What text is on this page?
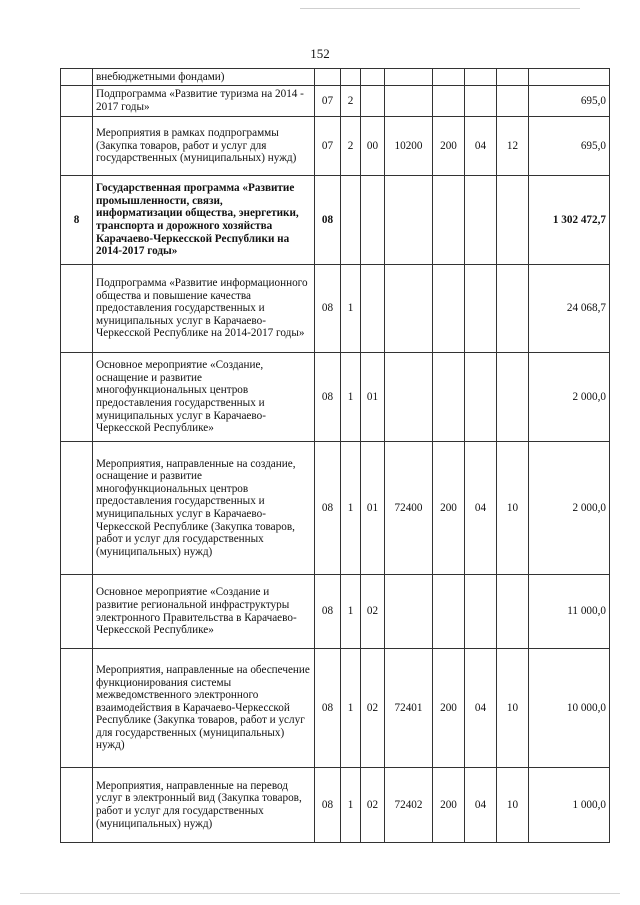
152
	внебюджетными фондами)								
	Подпрограмма «Развитие туризма на 2014 - 2017 годы»	07	2						695,0
	Мероприятия в рамках подпрограммы (Закупка товаров, работ и услуг для государственных (муниципальных) нужд)	07	2	00	10200	200	04	12	695,0
8	Государственная программа «Развитие промышленности, связи, информатизации общества, энергетики, транспорта и дорожного хозяйства Карачаево-Черкесской Республики на 2014-2017 годы»	08							1 302 472,7
	Подпрограмма «Развитие информационного общества и повышение качества предоставления государственных и муниципальных услуг в Карачаево-Черкесской Республике на 2014-2017 годы»	08	1						24 068,7
	Основное мероприятие «Создание, оснащение и развитие многофункциональных центров предоставления государственных и муниципальных услуг в Карачаево-Черкесской Республике»	08	1	01					2 000,0
	Мероприятия, направленные на создание, оснащение и развитие многофункциональных центров предоставления государственных и муниципальных услуг в Карачаево-Черкесской Республике (Закупка товаров, работ и услуг для государственных (муниципальных) нужд)	08	1	01	72400	200	04	10	2 000,0
	Основное мероприятие «Создание и развитие региональной инфраструктуры электронного Правительства в Карачаево-Черкесской Республике»	08	1	02					11 000,0
	Мероприятия, направленные на обеспечение функционирования системы межведомственного электронного взаимодействия в Карачаево-Черкесской Республике (Закупка товаров, работ и услуг для государственных (муниципальных) нужд)	08	1	02	72401	200	04	10	10 000,0
	Мероприятия, направленные на перевод услуг в электронный вид (Закупка товаров, работ и услуг для государственных (муниципальных) нужд)	08	1	02	72402	200	04	10	1 000,0
